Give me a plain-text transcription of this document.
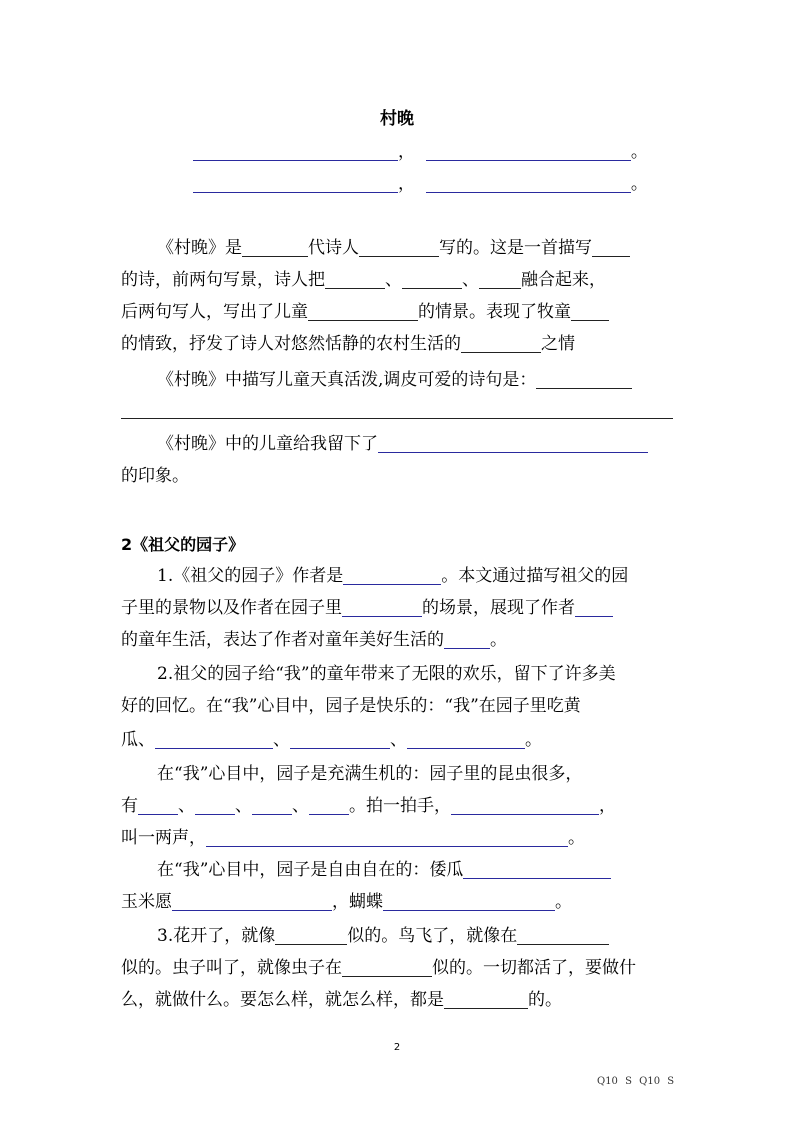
村晚
，	。
，	。
《村晚》是	代诗人	写的。这是一首描写
的诗，前两句写景，诗人把	、	、 融合起来，
后两句写人，写出了儿童	的情景。表现了牧童
的情致，抒发了诗人对悠然恬静的农村生活的	之情
《村晚》中描写儿童天真活泼,调皮可爱的诗句是：
《村晚》中的儿童给我留下了
的印象。
2《祖父的园子》
1.《祖父的园子》作者是	。本文通过描写祖父的园
子里的景物以及作者在园子里	的场景，展现了作者
的童年生活，表达了作者对童年美好生活的	。
2.祖父的园子给“我”的童年带来了无限的欢乐，留下了许多美
好的回忆。在“我”心目中，园子是快乐的：“我”在园子里吃黄
瓜、	、	、	。
在“我”心目中，园子是充满生机的：园子里的昆虫很多，
有 、 、 、 。拍一拍手，	，
叫一两声，	。
在“我”心目中，园子是自由自在的：倭瓜
玉米愿	，蝴蝶	。
3.花开了，就像	似的。鸟飞了，就像在
似的。虫子叫了，就像虫子在	似的。一切都活了，要做什
么，就做什么。要怎么样，就怎么样，都是	的。
2
Q10 S Q10 S
